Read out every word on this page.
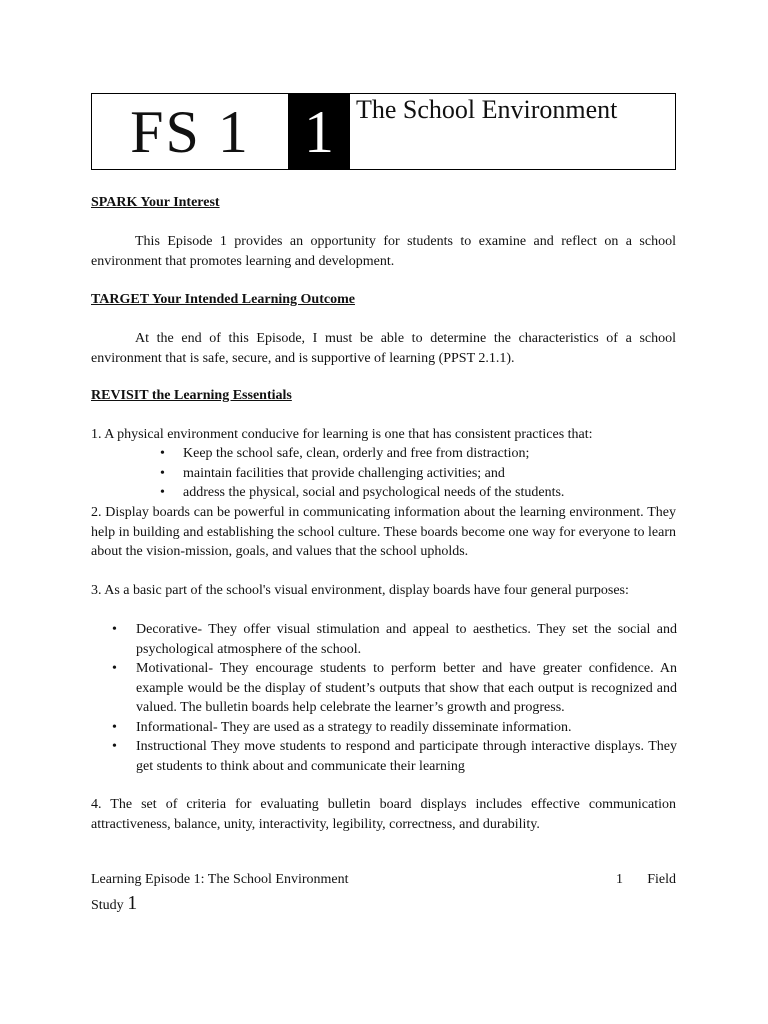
FS 1 1 The School Environment
SPARK Your Interest
This Episode 1 provides an opportunity for students to examine and reflect on a school environment that promotes learning and development.
TARGET Your Intended Learning Outcome
At the end of this Episode, I must be able to determine the characteristics of a school environment that is safe, secure, and is supportive of learning (PPST 2.1.1).
REVISIT the Learning Essentials
1. A physical environment conducive for learning is one that has consistent practices that:
• Keep the school safe, clean, orderly and free from distraction;
• maintain facilities that provide challenging activities; and
• address the physical, social and psychological needs of the students.
2. Display boards can be powerful in communicating information about the learning environment. They help in building and establishing the school culture. These boards become one way for everyone to learn about the vision-mission, goals, and values that the school upholds.
3. As a basic part of the school's visual environment, display boards have four general purposes:
• Decorative- They offer visual stimulation and appeal to aesthetics. They set the social and psychological atmosphere of the school.
• Motivational- They encourage students to perform better and have greater confidence. An example would be the display of student’s outputs that show that each output is recognized and valued. The bulletin boards help celebrate the learner’s growth and progress.
• Informational- They are used as a strategy to readily disseminate information.
• Instructional They move students to respond and participate through interactive displays. They get students to think about and communicate their learning
4. The set of criteria for evaluating bulletin board displays includes effective communication attractiveness, balance, unity, interactivity, legibility, correctness, and durability.
Learning Episode 1: The School Environment	1 Field
Study 1
